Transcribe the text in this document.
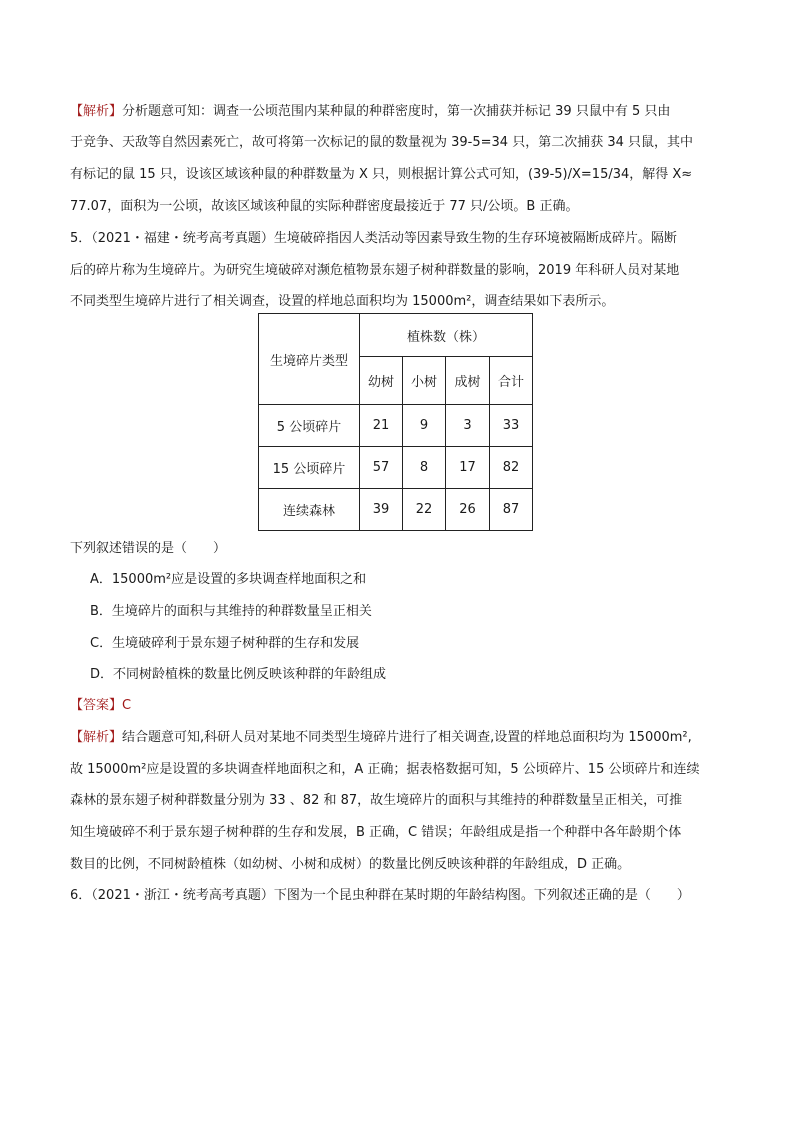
【解析】分析题意可知：调查一公顷范围内某种鼠的种群密度时，第一次捕获并标记 39 只鼠中有 5 只由
于竞争、天敌等自然因素死亡，故可将第一次标记的鼠的数量视为 39-5=34 只，第二次捕获 34 只鼠，其中
有标记的鼠 15 只，设该区域该种鼠的种群数量为 X 只，则根据计算公式可知，(39-5)/X=15/34，解得 X≈
77.07，面积为一公顷，故该区域该种鼠的实际种群密度最接近于 77 只/公顷。B 正确。
5．（2021・福建・统考高考真题）生境破碎指因人类活动等因素导致生物的生存环境被隔断成碎片。隔断
后的碎片称为生境碎片。为研究生境破碎对濒危植物景东翅子树种群数量的影响，2019 年科研人员对某地
不同类型生境碎片进行了相关调查，设置的样地总面积均为 15000m²，调查结果如下表所示。
生境碎片类型	植株数（株）			
	幼树	小树	成树	合计
5 公顷碎片	21	9	3	33
15 公顷碎片	57	8	17	82
连续森林	39	22	26	87
下列叙述错误的是（　　）
A．15000m²应是设置的多块调查样地面积之和
B．生境碎片的面积与其维持的种群数量呈正相关
C．生境破碎利于景东翅子树种群的生存和发展
D．不同树龄植株的数量比例反映该种群的年龄组成
【答案】C
【解析】结合题意可知,科研人员对某地不同类型生境碎片进行了相关调查,设置的样地总面积均为 15000m²,
故 15000m²应是设置的多块调查样地面积之和，A 正确；据表格数据可知，5 公顷碎片、15 公顷碎片和连续
森林的景东翅子树种群数量分别为 33 、82 和 87，故生境碎片的面积与其维持的种群数量呈正相关，可推
知生境破碎不利于景东翅子树种群的生存和发展，B 正确，C 错误；年龄组成是指一个种群中各年龄期个体
数目的比例，不同树龄植株（如幼树、小树和成树）的数量比例反映该种群的年龄组成，D 正确。
6．（2021・浙江・统考高考真题）下图为一个昆虫种群在某时期的年龄结构图。下列叙述正确的是（　　）
